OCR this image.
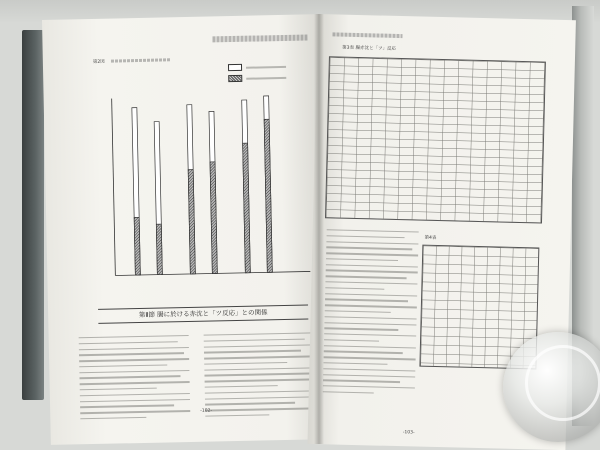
第2図
第Ⅱ節 腸に於ける赤沈と「ツ反応」との関係
-102-
第3表 腸赤沈と「ツ」反応
第4表
-103-
